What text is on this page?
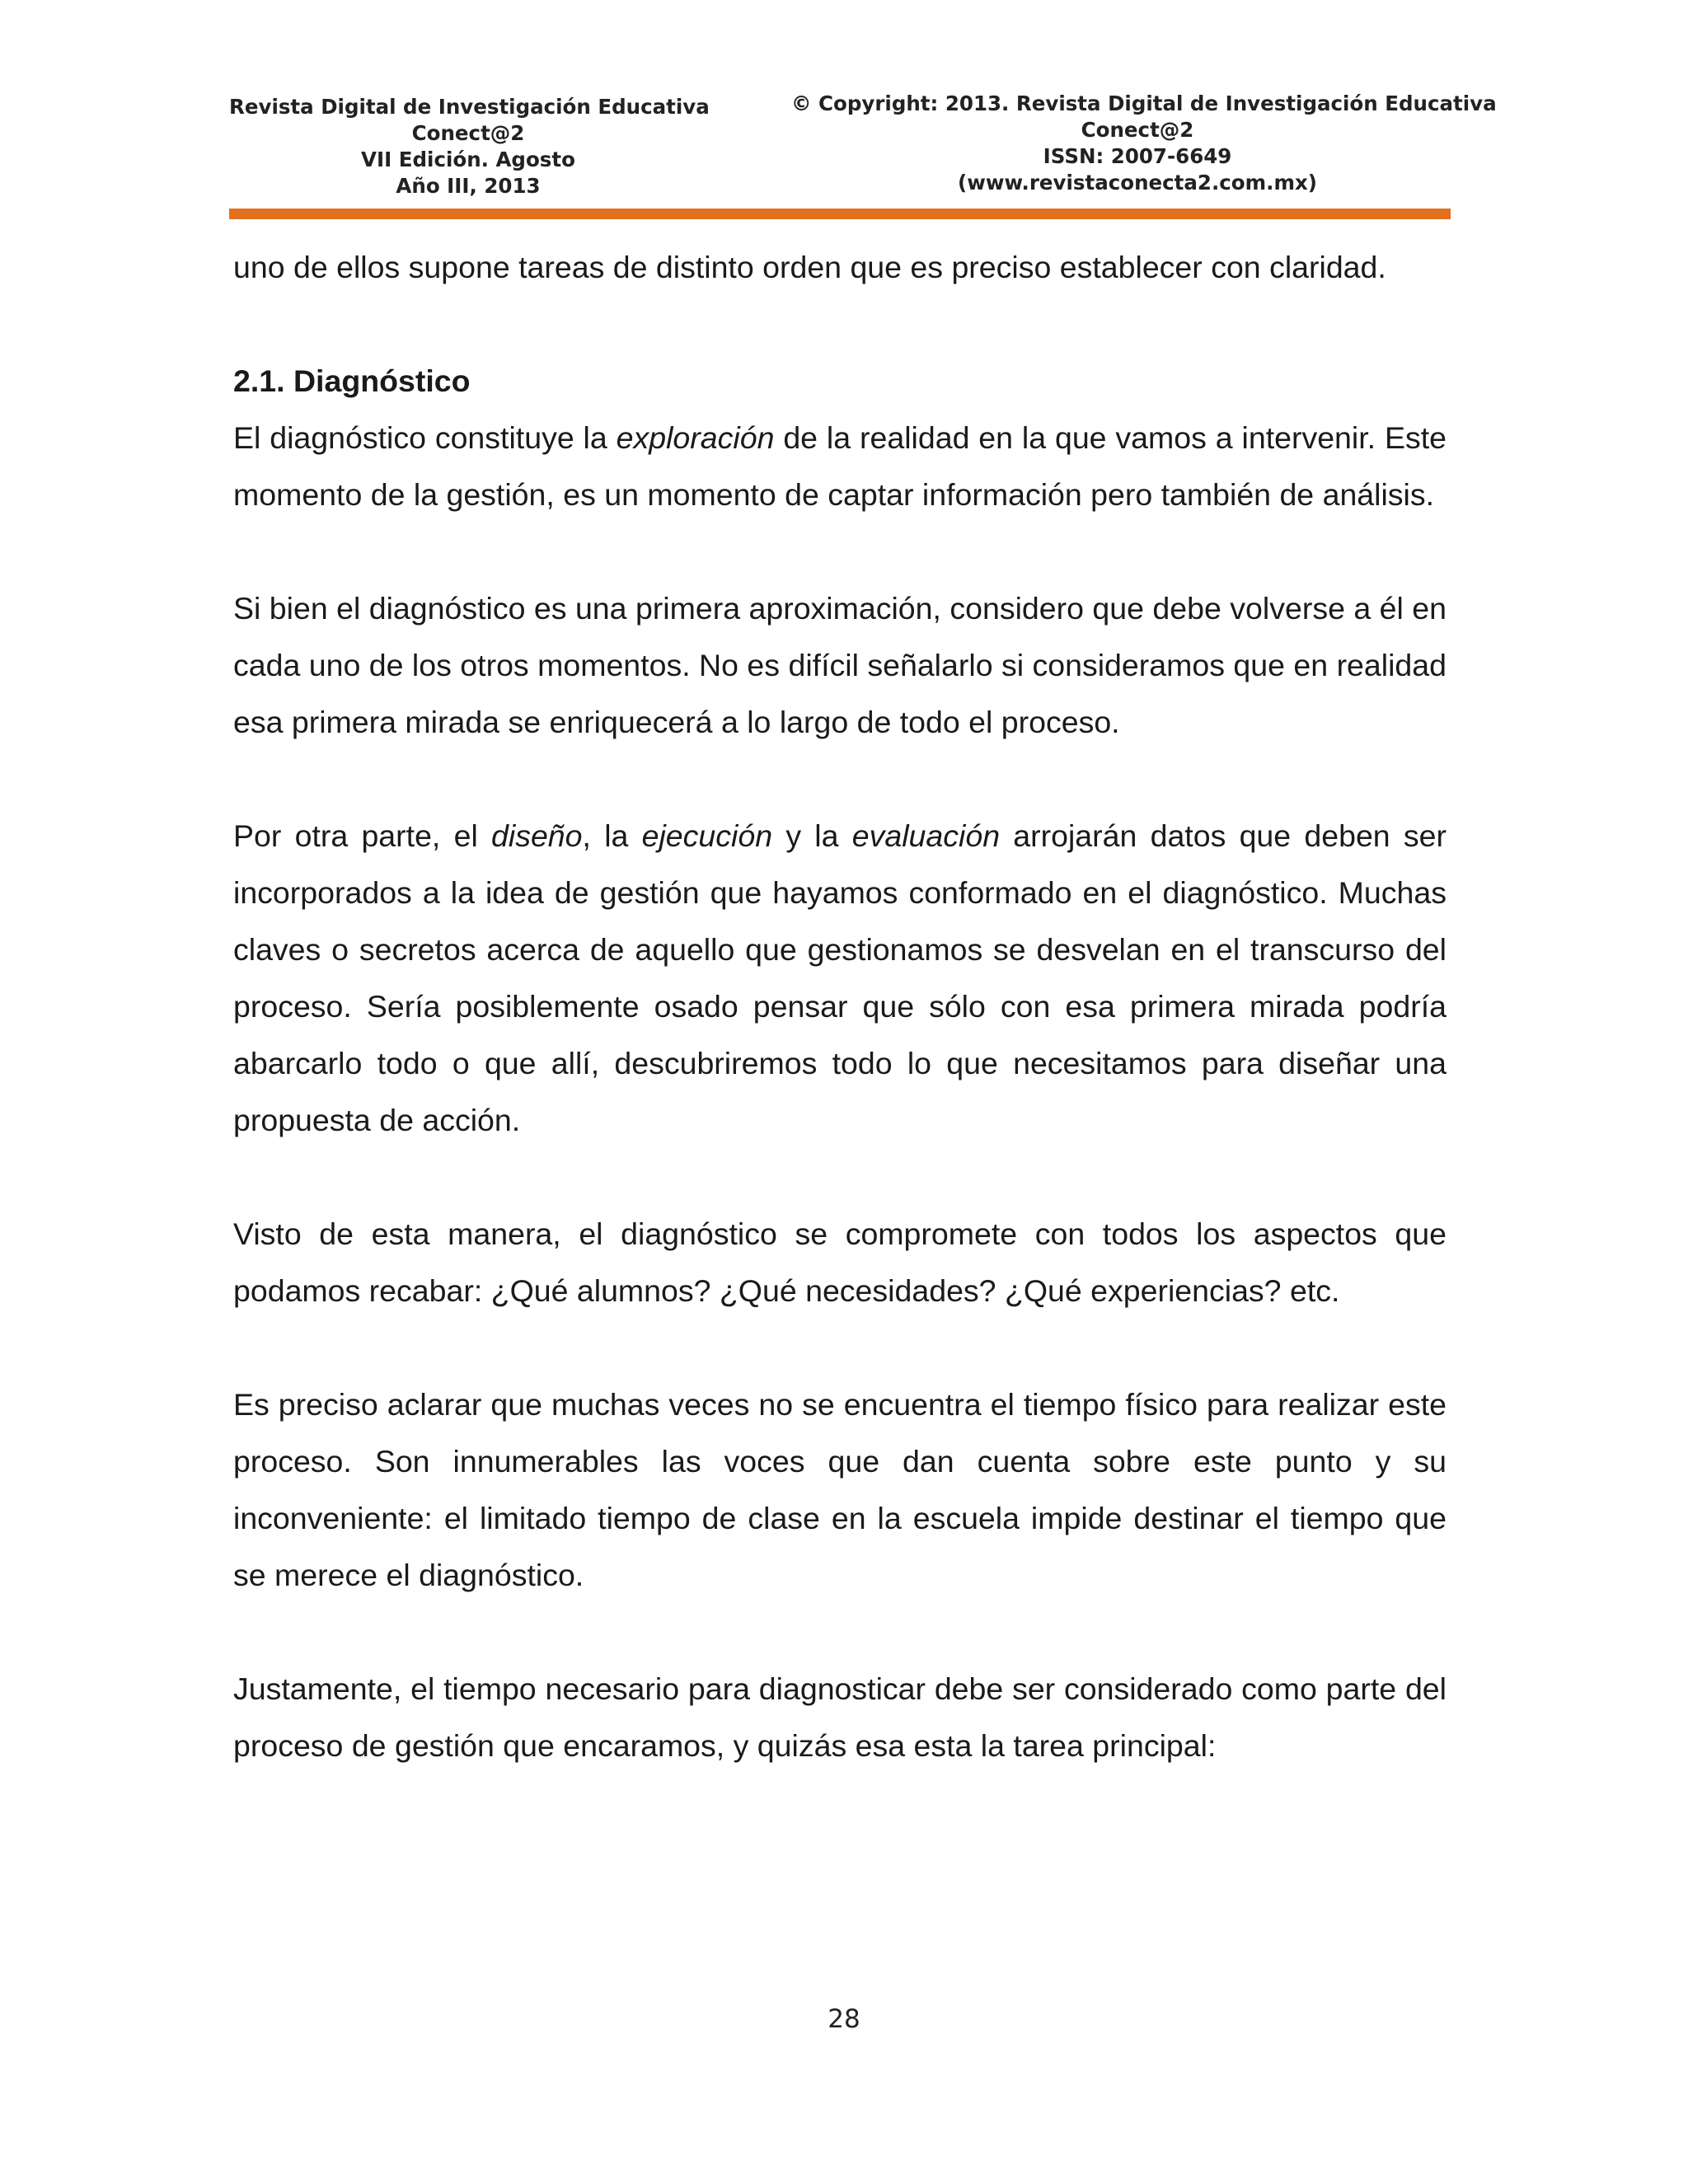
Revista Digital de Investigación Educativa
Conect@2
VII Edición. Agosto
Año III, 2013
© Copyright: 2013. Revista Digital de Investigación Educativa
Conect@2
ISSN: 2007-6649
(www.revistaconecta2.com.mx)

uno de ellos supone tareas de distinto orden que es preciso establecer con claridad.

2.1. Diagnóstico

El diagnóstico constituye la exploración de la realidad en la que vamos a intervenir. Este momento de la gestión, es un momento de captar información pero también de análisis.

Si bien el diagnóstico es una primera aproximación, considero que debe volverse a él en cada uno de los otros momentos. No es difícil señalarlo si consideramos que en realidad esa primera mirada se enriquecerá a lo largo de todo el proceso.

Por otra parte, el diseño, la ejecución y la evaluación arrojarán datos que deben ser incorporados a la idea de gestión que hayamos conformado en el diagnóstico. Muchas claves o secretos acerca de aquello que gestionamos se desvelan en el transcurso del proceso. Sería posiblemente osado pensar que sólo con esa primera mirada podría abarcarlo todo o que allí, descubriremos todo lo que necesitamos para diseñar una propuesta de acción.

Visto de esta manera, el diagnóstico se compromete con todos los aspectos que podamos recabar: ¿Qué alumnos? ¿Qué necesidades? ¿Qué experiencias? etc.

Es preciso aclarar que muchas veces no se encuentra el tiempo físico para realizar este proceso. Son innumerables las voces que dan cuenta sobre este punto y su inconveniente: el limitado tiempo de clase en la escuela impide destinar el tiempo que se merece el diagnóstico.

Justamente, el tiempo necesario para diagnosticar debe ser considerado como parte del proceso de gestión que encaramos, y quizás esa esta la tarea principal:

28
